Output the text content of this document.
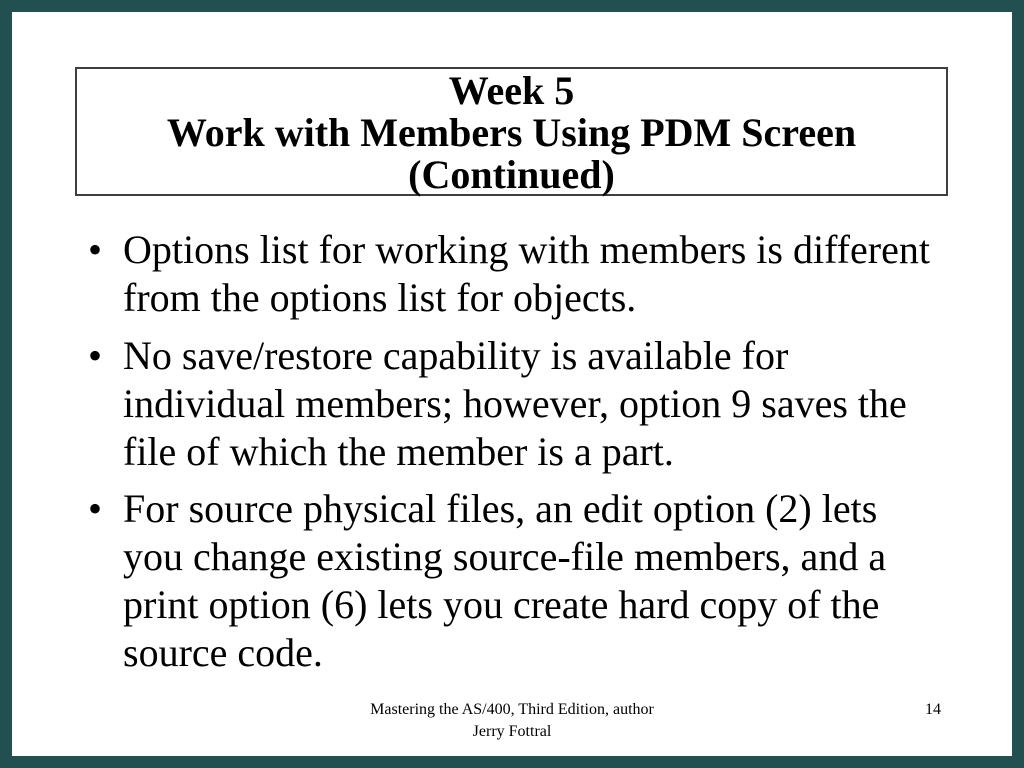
Week 5
Work with Members Using PDM Screen
(Continued)
• Options list for working with members is different
from the options list for objects.
• No save/restore capability is available for
individual members; however, option 9 saves the
file of which the member is a part.
• For source physical files, an edit option (2) lets
you change existing source-file members, and a
print option (6) lets you create hard copy of the
source code.
Mastering the AS/400, Third Edition, author
Jerry Fottral
14
